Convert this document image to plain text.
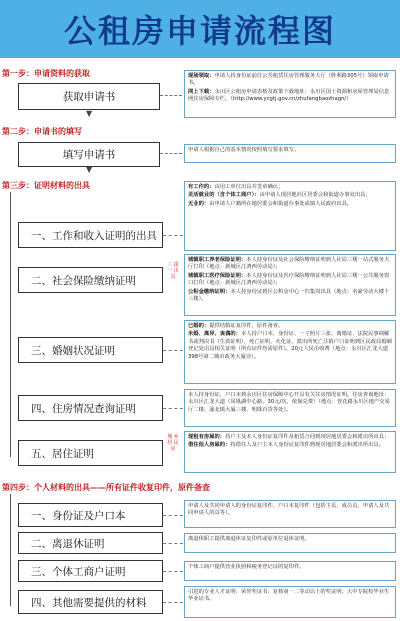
公租房申请流程图
第一步：申请资料的获取
获取申请书

现场领取：申请人持身份证前往公共租赁住房管理服务大厅（胜利路305号）领取申请书。

网上下载：永川区公租房申请表格及政策下载地址：永川区国土资源和房屋管理局信息网住房保障专栏。（http://www.ycgtj.gov.cn/zhufangbaozhagn/）

▼
第二步：申请书的填写
填写申请书	申请人根据自己的基本情况按照填写要求填写。
▼
第三步：证明材料的出具
一、工作和收入证明的出具

有工作的：由用工单位出具并签章确认；

灵活就业的（含个体工商户）：由申请人现居地社区居委会和街道办事处出具；

无业的：由申请人户籍所在地居委会和街道办事处或镇人民政府出具。

二、社会保险缴纳证明
三 提 一 出 具

城镇职工养老保险证明：本人持身份证及社会保险缴纳证明到人社局三楼一站式服务大厅打印（地点：新城区江鸿西劳动局）；

城镇职工医疗保险证明：本人持身份证及医疗保险缴纳证明到人社局三楼一公共服务窗口打印（地点：新城区江鸿西劳动局）；

公积金缴纳证明：本人持身份证到区公积金中心一归集岗出具（地点：名豪劳动大楼十三楼）。

三、婚姻状况证明

已婚的：提供结婚证复印件，原件备查。

未婚、离异、丧偶的：本人持户口本、身份证、一寸照片三张、离婚证、法院民事调解书或判决书（生效证明）、死亡证明、火化证、派出所死亡注销户口证明到区民政局婚姻登记处出具相关证明（所有证件均需原件），20元人民币收费（地点：永川区汇龙大道398号第二城市政务大厦旁）。

四、住房情况查询证明
本人持身份证，户口本到永川区住房保障中心开具有关住房情况证明。住房查询地址：永川区汇龙大道（凤凰湖中心路、30元/次，依保兑费）（地点：萱花路永川区地产交易厅二楼、渝北镇大厦三楼、明珠百货等处）。
五、居住证明
城 乡 居 民 房

现租有房屋的：持户主及本人身份证复印件及租赁合同到现居地居委会和派出所出具；

借住他人房屋的：持借住人及户主本人身份证复印件到现居地居委会和派出所出具。

第四步：个人材料的出具——所有证件收复印件，原件备查
一、身份证及户口本
申请人及共同申请人的身份证复印件、户口本复印件（包括主页、成员页、申请人及共同申请人的页等）。
二、离退休证明	离退休职工提供离退休证复印件或原单位退休证明。
三、个体工商户证明	个体工商户提供营业执照和税务登记证的复印件。
四、其他需要提供的材料
引进的专业人才证明：荣誉奖证书；复核第一二等动以上的奖证明；大中专院校毕业生毕业证书。
